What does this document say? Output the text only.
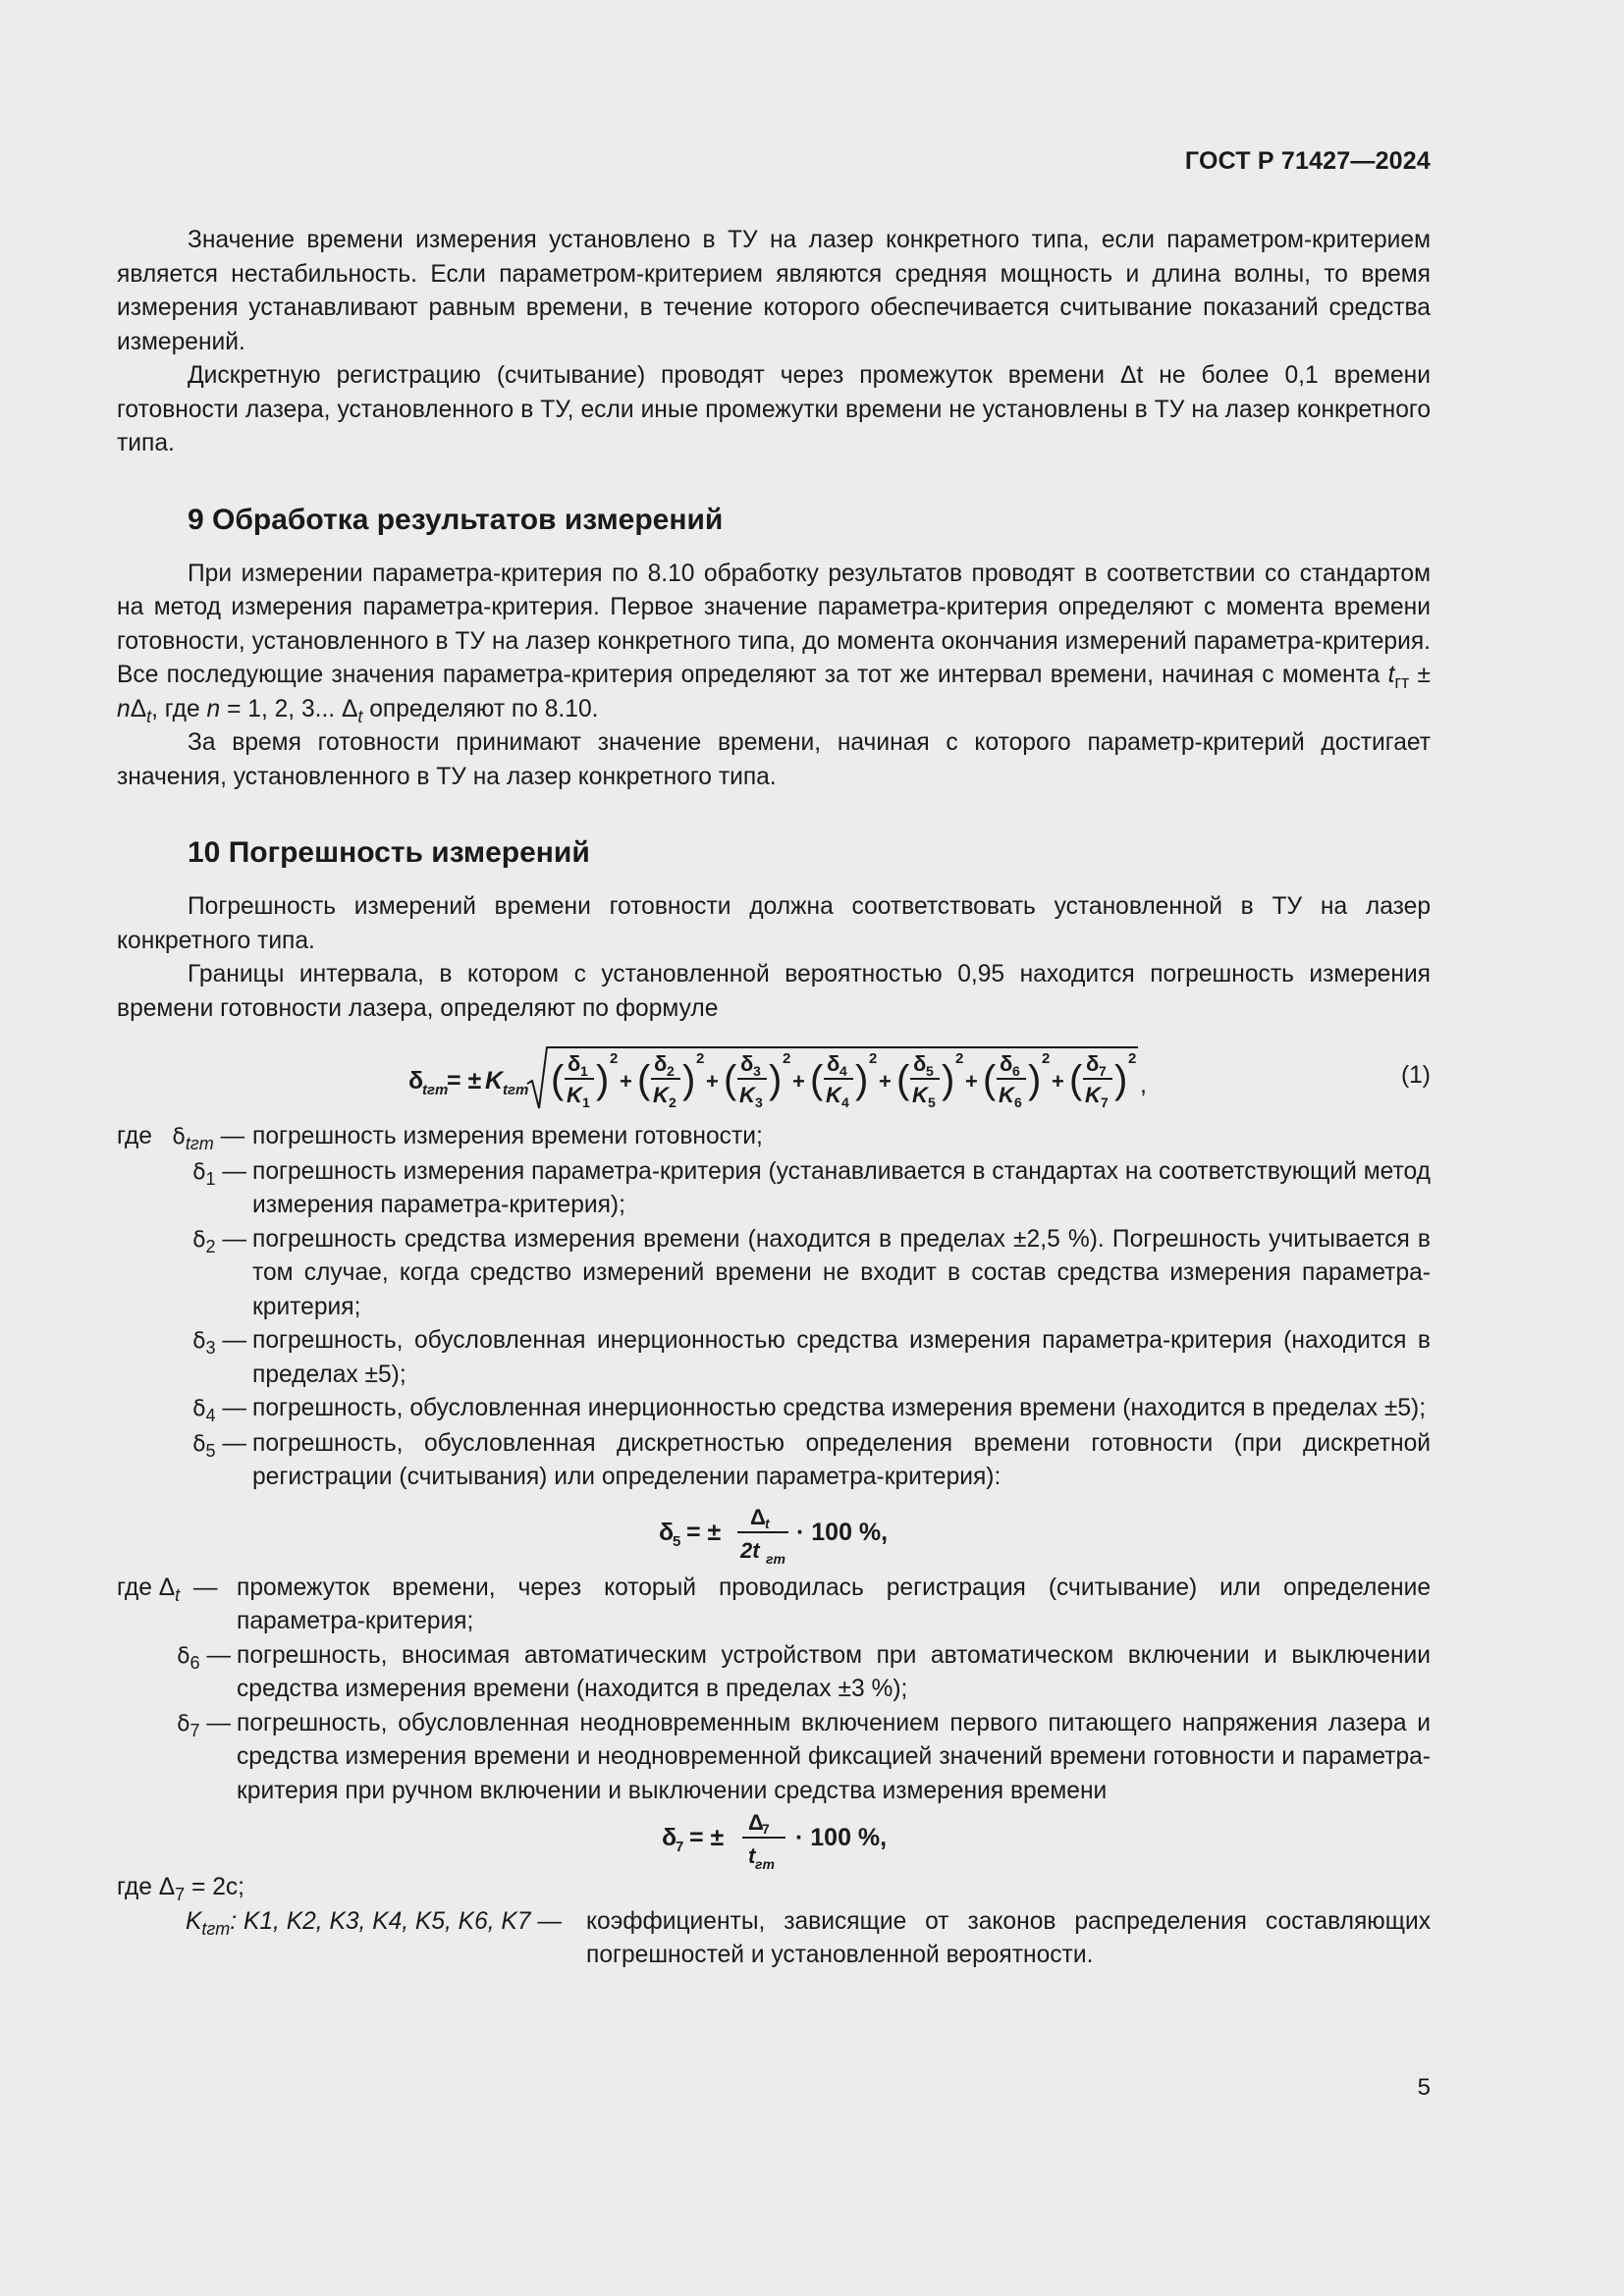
ГОСТ Р 71427—2024

Значение времени измерения установлено в ТУ на лазер конкретного типа, если параметром-критерием является нестабильность. Если параметром-критерием являются средняя мощность и длина волны, то время измерения устанавливают равным времени, в течение которого обеспечивается считывание показаний средства измерений.

Дискретную регистрацию (считывание) проводят через промежуток времени Δt не более 0,1 времени готовности лазера, установленного в ТУ, если иные промежутки времени не установлены в ТУ на лазер конкретного типа.

9 Обработка результатов измерений

При измерении параметра-критерия по 8.10 обработку результатов проводят в соответствии со стандартом на метод измерения параметра-критерия. Первое значение параметра-критерия определяют с момента времени готовности, установленного в ТУ на лазер конкретного типа, до момента окончания измерений параметра-критерия. Все последующие значения параметра-критерия определяют за тот же интервал времени, начиная с момента $t_{гт} \pm n\Delta_t$, где n = 1, 2, 3... $\Delta_t$ определяют по 8.10.

За время готовности принимают значение времени, начиная с которого параметр-критерий достигает значения, установленного в ТУ на лазер конкретного типа.

10 Погрешность измерений

Погрешность измерений времени готовности должна соответствовать установленной в ТУ на лазер конкретного типа.

Границы интервала, в котором с установленной вероятностью 0,95 находится погрешность измерения времени готовности лазера, определяют по формуле

δ
tгт
= ± K tгт ( δ 1
K 1
) 2
+ ( δ 2
K 2
) 2
+ ( δ 3
K 3
) 2
+ ( δ 4
K 4
) 2
+ ( δ 5
K 5
) 2
+ ( δ 6
K 6
) 2
+ ( δ 7
K 7
) 2
,	(1)
где $\delta_{tгт}$ — погрешность измерения времени готовности;
$\delta_1$ — погрешность измерения параметра-критерия (устанавливается в стандартах на соответствующий метод измерения параметра-критерия);
$\delta_2$ — погрешность средства измерения времени (находится в пределах ±2,5 %). Погрешность учитывается в том случае, когда средство измерений времени не входит в состав средства измерения параметра-критерия;
$\delta_3$ — погрешность, обусловленная инерционностью средства измерения параметра-критерия (находится в пределах ±5);
$\delta_4$ — погрешность, обусловленная инерционностью средства измерения времени (находится в пределах ±5);
$\delta_5$ — погрешность, обусловленная дискретностью определения времени готовности (при дискретной регистрации (считывания) или определении параметра-критерия):
δ
5 = ±
Δ t
2t гт
· 100 %,
где $\Delta_t$ — промежуток времени, через который проводилась регистрация (считывание) или определение параметра-критерия;
$\delta_6$ — погрешность, вносимая автоматическим устройством при автоматическом включении и выключении средства измерения времени (находится в пределах ±3 %);
$\delta_7$ — погрешность, обусловленная неодновременным включением первого питающего напряжения лазера и средства измерения времени и неодновременной фиксацией значений времени готовности и параметра-критерия при ручном включении и выключении средства измерения времени
δ
7 = ±
Δ
7
t гт
· 100 %,
где $\Delta_7 = 2с$;
$K_{tгт}$: K1, K2, K3, K4, K5, K6, K7 —	коэффициенты, зависящие от законов распределения составляющих погрешностей и установленной вероятности.
5
